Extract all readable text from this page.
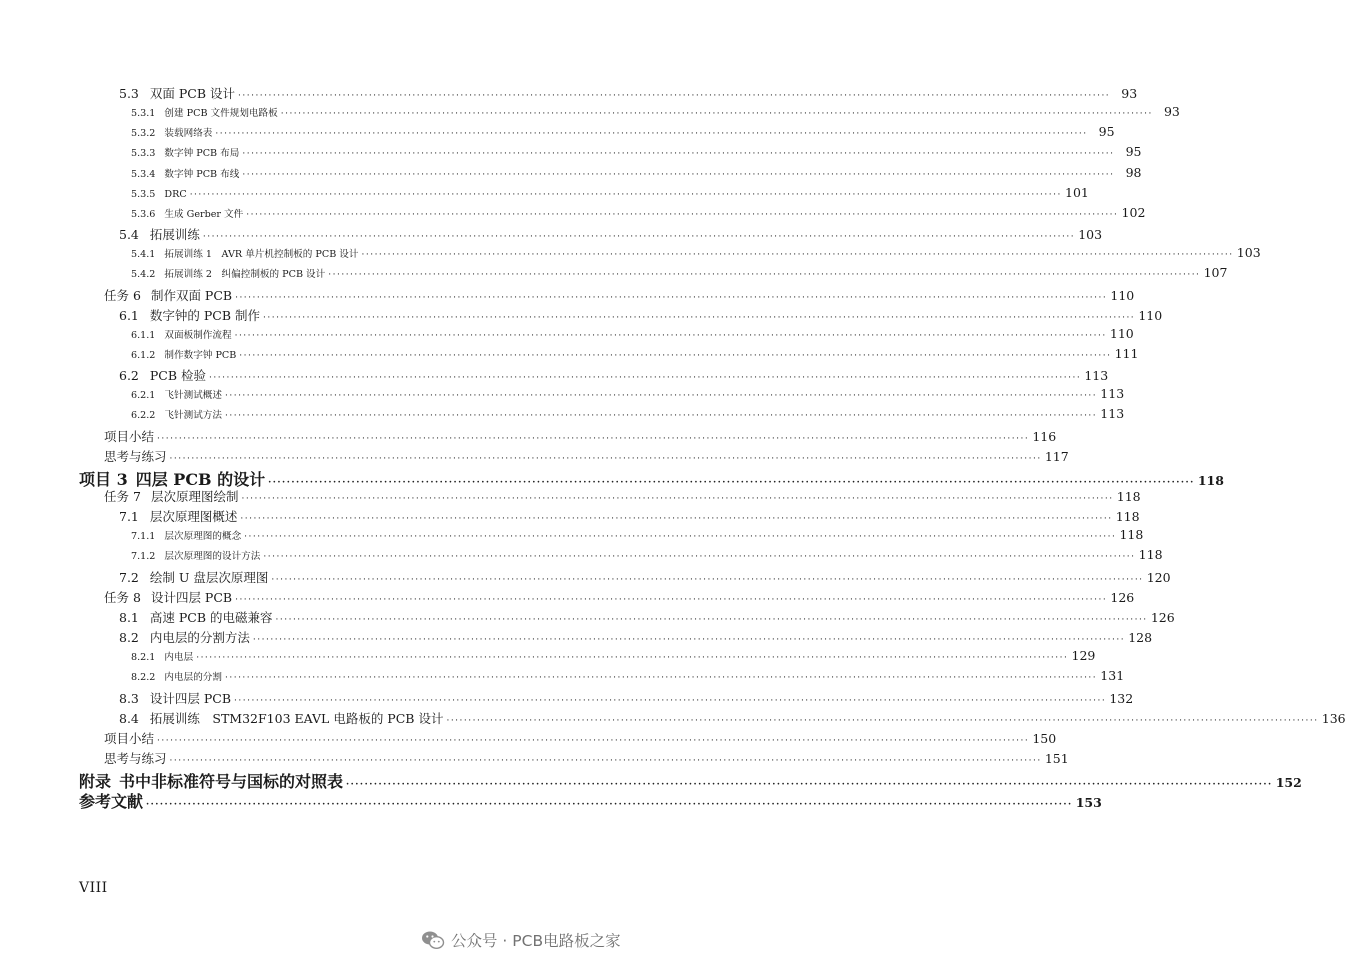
5.3 双面 PCB 设计 ········································································································································································································ 93
5.3.1 创建 PCB 文件规划电路板 ········································································································································································································ 93
5.3.2 装载网络表 ········································································································································································································ 95
5.3.3 数字钟 PCB 布局 ········································································································································································································ 95
5.3.4 数字钟 PCB 布线 ········································································································································································································ 98
5.3.5 DRC ········································································································································································································ 101
5.3.6 生成 Gerber 文件 ········································································································································································································ 102
5.4 拓展训练 ········································································································································································································ 103
5.4.1 拓展训练 1　AVR 单片机控制板的 PCB 设计 ········································································································································································································ 103
5.4.2 拓展训练 2　纠偏控制板的 PCB 设计 ········································································································································································································ 107
任务 6 制作双面 PCB ········································································································································································································ 110
6.1 数字钟的 PCB 制作 ········································································································································································································ 110
6.1.1 双面板制作流程 ········································································································································································································ 110
6.1.2 制作数字钟 PCB ········································································································································································································ 111
6.2 PCB 检验 ········································································································································································································ 113
6.2.1 飞针测试概述 ········································································································································································································ 113
6.2.2 飞针测试方法 ········································································································································································································ 113
项目小结 ········································································································································································································ 116
思考与练习 ········································································································································································································ 117
项目 3 四层 PCB 的设计 ········································································································································································································ 118
任务 7 层次原理图绘制 ········································································································································································································ 118
7.1 层次原理图概述 ········································································································································································································ 118
7.1.1 层次原理图的概念 ········································································································································································································ 118
7.1.2 层次原理图的设计方法 ········································································································································································································ 118
7.2 绘制 U 盘层次原理图 ········································································································································································································ 120
任务 8 设计四层 PCB ········································································································································································································ 126
8.1 高速 PCB 的电磁兼容 ········································································································································································································ 126
8.2 内电层的分割方法 ········································································································································································································ 128
8.2.1 内电层 ········································································································································································································ 129
8.2.2 内电层的分割 ········································································································································································································ 131
8.3 设计四层 PCB ········································································································································································································ 132
8.4 拓展训练　STM32F103 EAVL 电路板的 PCB 设计 ········································································································································································································ 136
项目小结 ········································································································································································································ 150
思考与练习 ········································································································································································································ 151
附录 书中非标准符号与国标的对照表 ········································································································································································································ 152
参考文献 ········································································································································································································ 153
VIII
公众号 · PCB电路板之家
